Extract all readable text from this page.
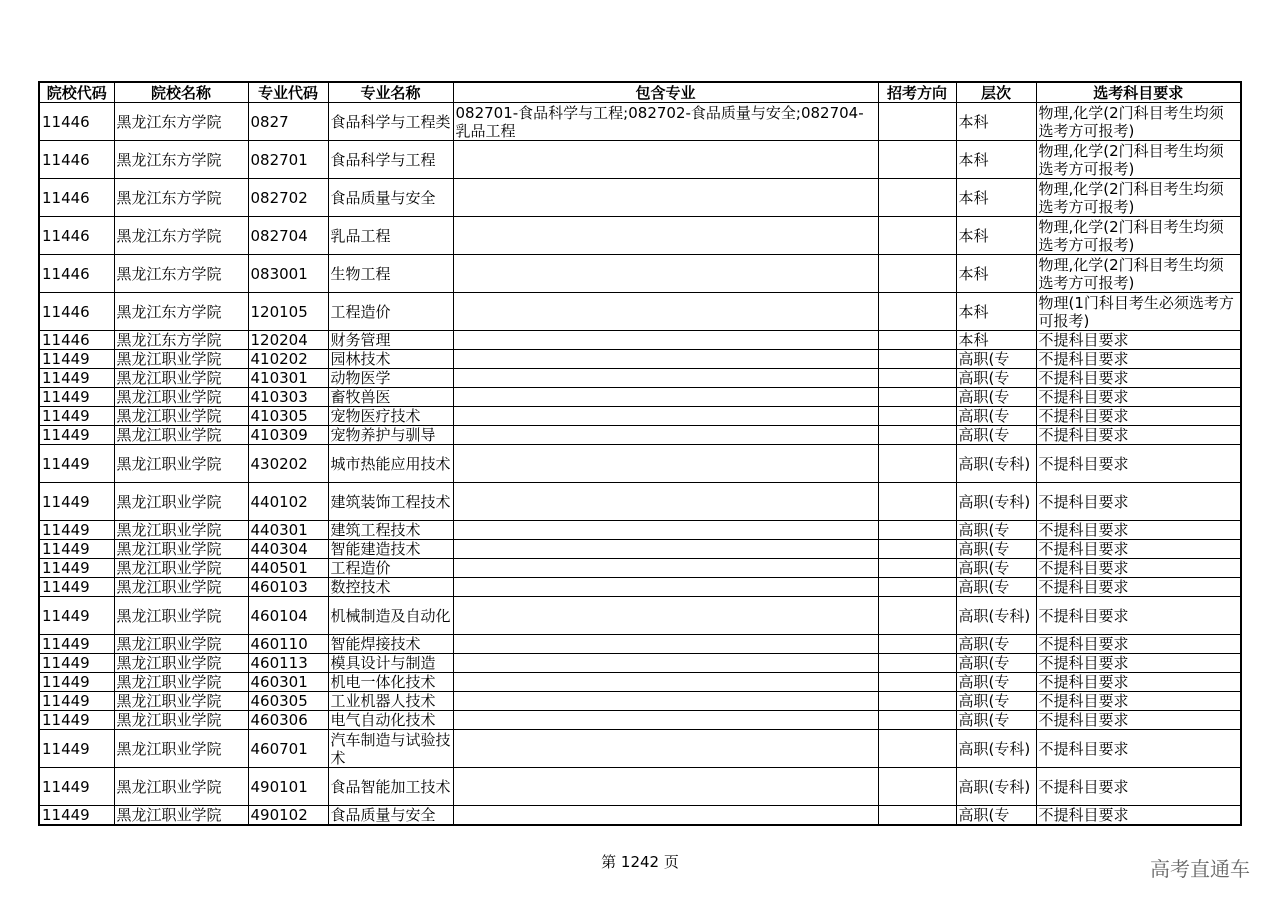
院校代码	院校名称	专业代码	专业名称	包含专业	招考方向	层次	选考科目要求
11446	黑龙江东方学院	0827	食品科学与工程类	082701-食品科学与工程;082702-食品质量与安全;082704-乳品工程		本科	物理,化学(2门科目考生均须选考方可报考)
11446	黑龙江东方学院	082701	食品科学与工程			本科	物理,化学(2门科目考生均须选考方可报考)
11446	黑龙江东方学院	082702	食品质量与安全			本科	物理,化学(2门科目考生均须选考方可报考)
11446	黑龙江东方学院	082704	乳品工程			本科	物理,化学(2门科目考生均须选考方可报考)
11446	黑龙江东方学院	083001	生物工程			本科	物理,化学(2门科目考生均须选考方可报考)
11446	黑龙江东方学院	120105	工程造价			本科	物理(1门科目考生必须选考方可报考)
11446	黑龙江东方学院	120204	财务管理			本科	不提科目要求
11449	黑龙江职业学院	410202	园林技术			高职(专	不提科目要求
11449	黑龙江职业学院	410301	动物医学			高职(专	不提科目要求
11449	黑龙江职业学院	410303	畜牧兽医			高职(专	不提科目要求
11449	黑龙江职业学院	410305	宠物医疗技术			高职(专	不提科目要求
11449	黑龙江职业学院	410309	宠物养护与驯导			高职(专	不提科目要求
11449	黑龙江职业学院	430202	城市热能应用技术			高职(专科)	不提科目要求
11449	黑龙江职业学院	440102	建筑装饰工程技术			高职(专科)	不提科目要求
11449	黑龙江职业学院	440301	建筑工程技术			高职(专	不提科目要求
11449	黑龙江职业学院	440304	智能建造技术			高职(专	不提科目要求
11449	黑龙江职业学院	440501	工程造价			高职(专	不提科目要求
11449	黑龙江职业学院	460103	数控技术			高职(专	不提科目要求
11449	黑龙江职业学院	460104	机械制造及自动化			高职(专科)	不提科目要求
11449	黑龙江职业学院	460110	智能焊接技术			高职(专	不提科目要求
11449	黑龙江职业学院	460113	模具设计与制造			高职(专	不提科目要求
11449	黑龙江职业学院	460301	机电一体化技术			高职(专	不提科目要求
11449	黑龙江职业学院	460305	工业机器人技术			高职(专	不提科目要求
11449	黑龙江职业学院	460306	电气自动化技术			高职(专	不提科目要求
11449	黑龙江职业学院	460701	汽车制造与试验技术			高职(专科)	不提科目要求
11449	黑龙江职业学院	490101	食品智能加工技术			高职(专科)	不提科目要求
11449	黑龙江职业学院	490102	食品质量与安全			高职(专	不提科目要求
第 1242 页	高考直通车
